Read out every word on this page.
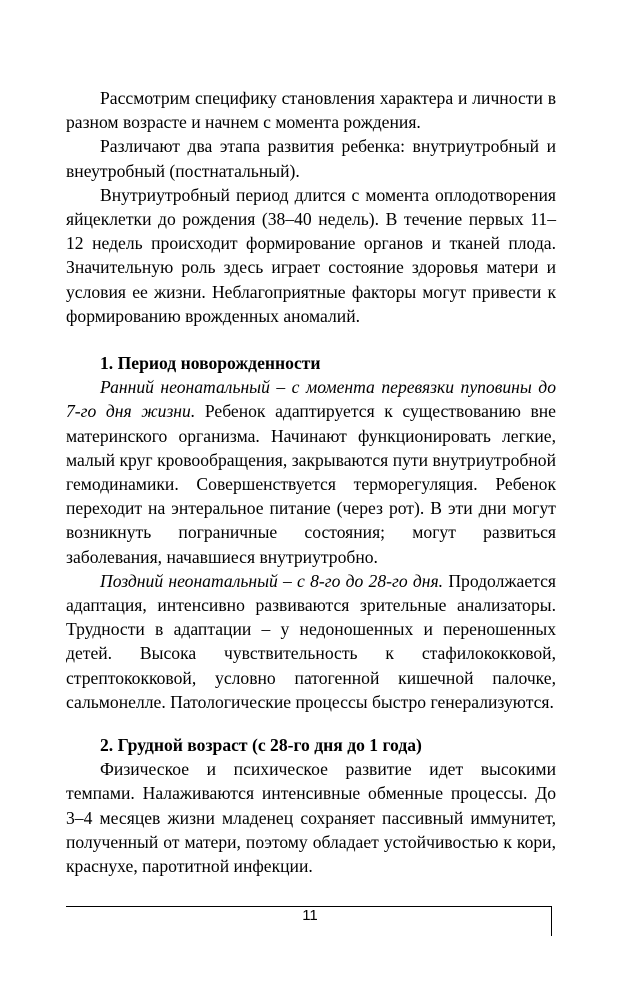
Рассмотрим специфику становления характера и личности в разном возрасте и начнем с момента рождения.

Различают два этапа развития ребенка: внутриутробный и внеутробный (постнатальный).

Внутриутробный период длится с момента оплодотворения яйцеклетки до рождения (38–40 недель). В течение первых 11–12 недель происходит формирование органов и тканей плода. Значительную роль здесь играет состояние здоровья матери и условия ее жизни. Неблагоприятные факторы могут привести к формированию врожденных аномалий.

1. Период новорожденности

Ранний неонатальный – с момента перевязки пуповины до 7-го дня жизни. Ребенок адаптируется к существованию вне материнского организма. Начинают функционировать легкие, малый круг кровообращения, закрываются пути внутриутробной гемодинамики. Совершенствуется терморегуляция. Ребенок переходит на энтеральное питание (через рот). В эти дни могут возникнуть пограничные состояния; могут развиться заболевания, начавшиеся внутриутробно.

Поздний неонатальный – с 8-го до 28-го дня. Продолжается адаптация, интенсивно развиваются зрительные анализаторы. Трудности в адаптации – у недоношенных и переношенных детей. Высока чувствительность к стафилококковой, стрептококковой, условно патогенной кишечной палочке, сальмонелле. Патологические процессы быстро генерализуются.

2. Грудной возраст (с 28-го дня до 1 года)

Физическое и психическое развитие идет высокими темпами. Налаживаются интенсивные обменные процессы. До 3–4 месяцев жизни младенец сохраняет пассивный иммунитет, полученный от матери, поэтому обладает устойчивостью к кори, краснухе, паротитной инфекции.

11
